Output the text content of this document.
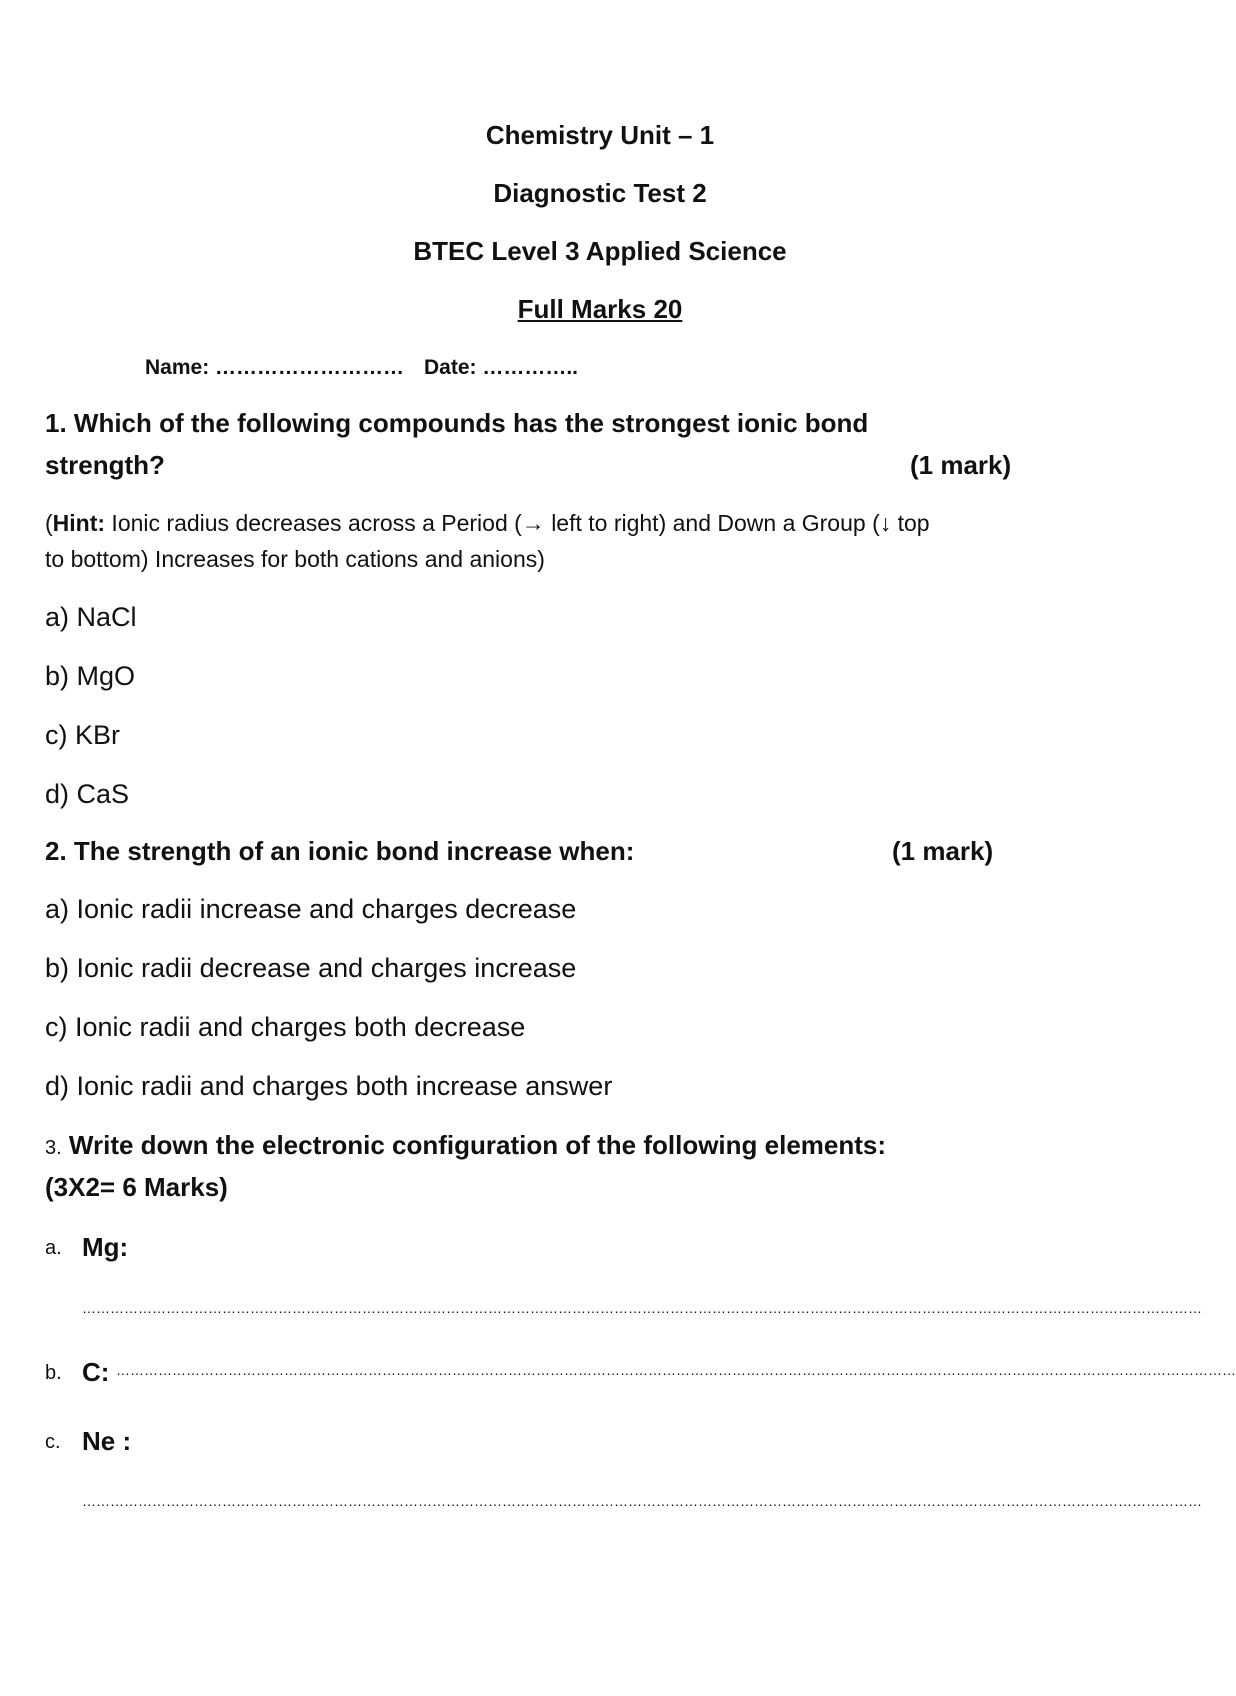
Chemistry Unit – 1
Diagnostic Test 2
BTEC Level 3 Applied Science
Full Marks 20
Name: ……………………… Date: …………..
1. Which of the following compounds has the strongest ionic bond
strength?	(1 mark)
(Hint: Ionic radius decreases across a Period (→ left to right) and Down a Group (↓ top
to bottom) Increases for both cations and anions)
a) NaCl
b) MgO
c) KBr
d) CaS
2. The strength of an ionic bond increase when:	(1 mark)
a) Ionic radii increase and charges decrease
b) Ionic radii decrease and charges increase
c) Ionic radii and charges both decrease
d) Ionic radii and charges both increase answer
3. Write down the electronic configuration of the following elements:
(3X2= 6 Marks)
a. Mg:
……………………………………………………………………………………………………………………………………………………………………………………………………………………
b. C: ……………………………………………………………………………………………………………………………………………………………………………………………………………………
c. Ne :
……………………………………………………………………………………………………………………………………………………………………………………………………………………
